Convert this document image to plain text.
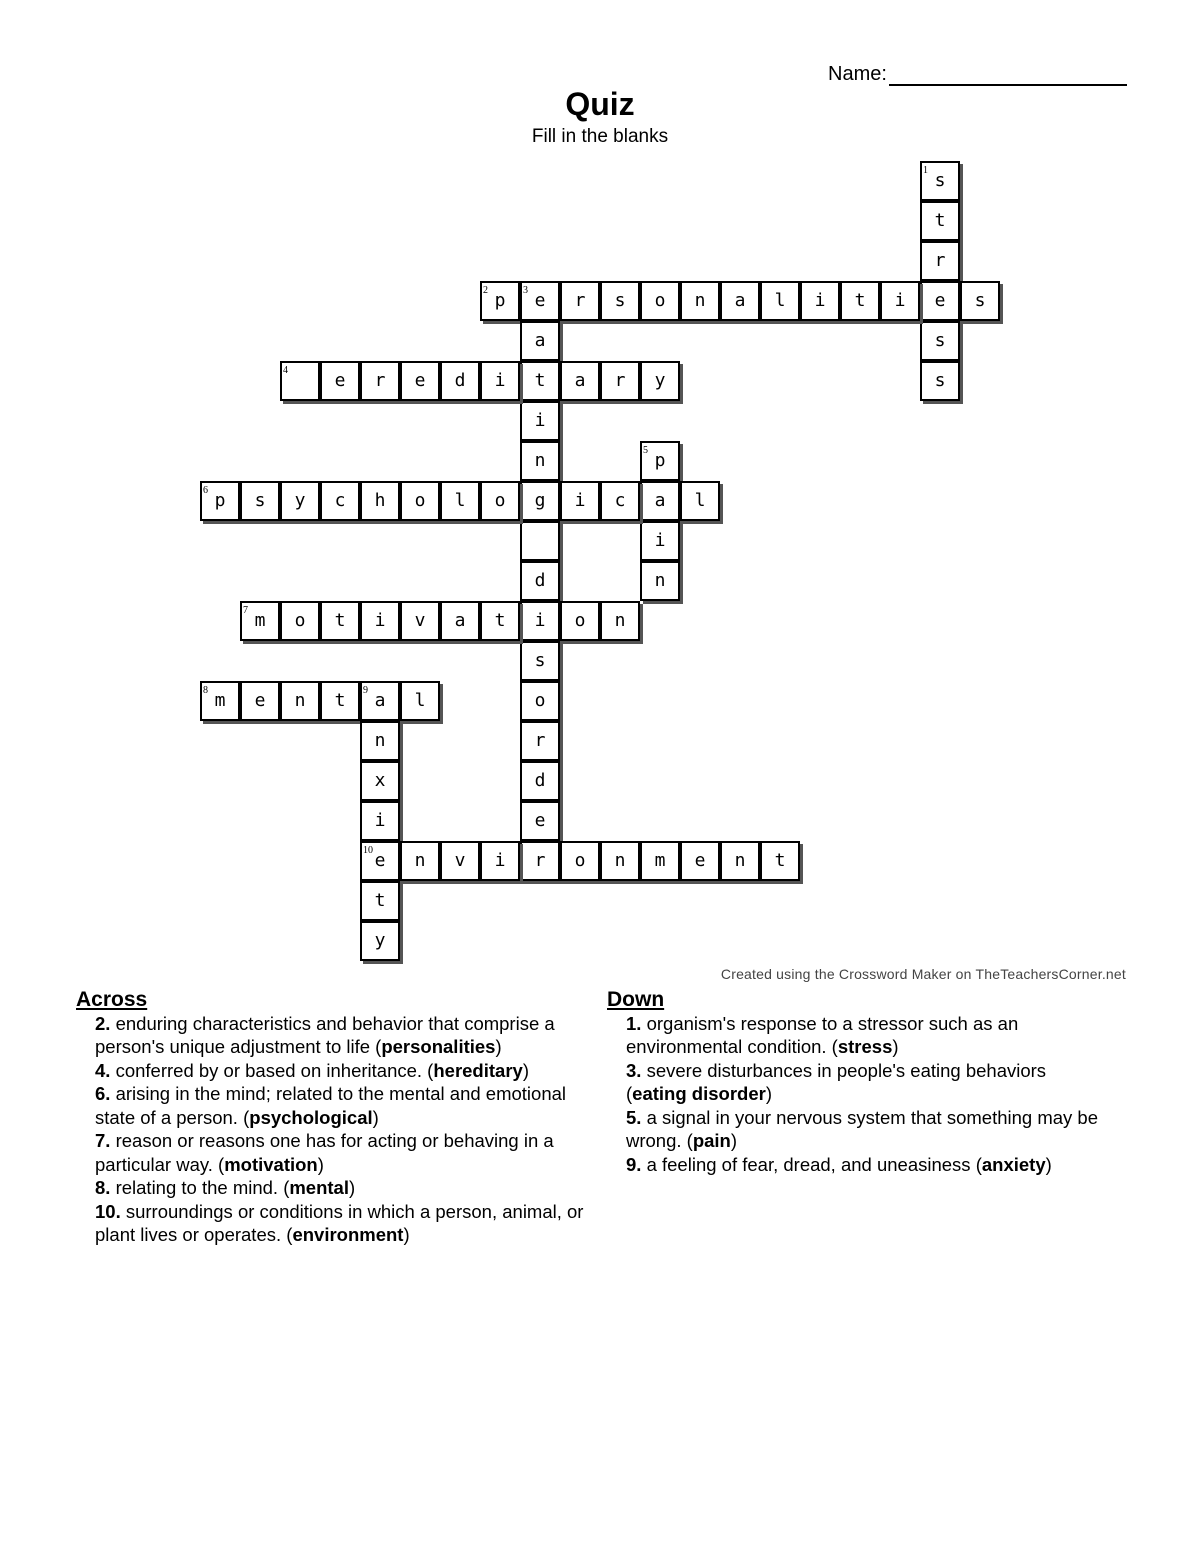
Name:
Quiz
Fill in the blanks
1 s
t
r
e
s
s
2 p	3 e	r	s	o	n	a	l	i	t	i	s
a
t
i
n
g
d
i
s
o
r
d
e
r
4	e	r	e	d	i	a	r	y
5 p
a
i
n
6 p	s	y	c	h	o	l	o	i	c	l
7 m	o	t	i	v	a	t	o	n
8 m	e	n	t	9 a	l
n
x
i
10 e
t
y
n	v	i	o	n	m	e	n	t
Created using the Crossword Maker on TheTeachersCorner.net
Across
2. enduring characteristics and behavior that comprise a person's unique adjustment to life (personalities)
4. conferred by or based on inheritance. (hereditary)
6. arising in the mind; related to the mental and emotional state of a person. (psychological)
7. reason or reasons one has for acting or behaving in a particular way. (motivation)
8. relating to the mind. (mental)
10. surroundings or conditions in which a person, animal, or plant lives or operates. (environment)
Down
1. organism's response to a stressor such as an environmental condition. (stress)
3. severe disturbances in people's eating behaviors (eating disorder)
5. a signal in your nervous system that something may be wrong. (pain)
9. a feeling of fear, dread, and uneasiness (anxiety)
